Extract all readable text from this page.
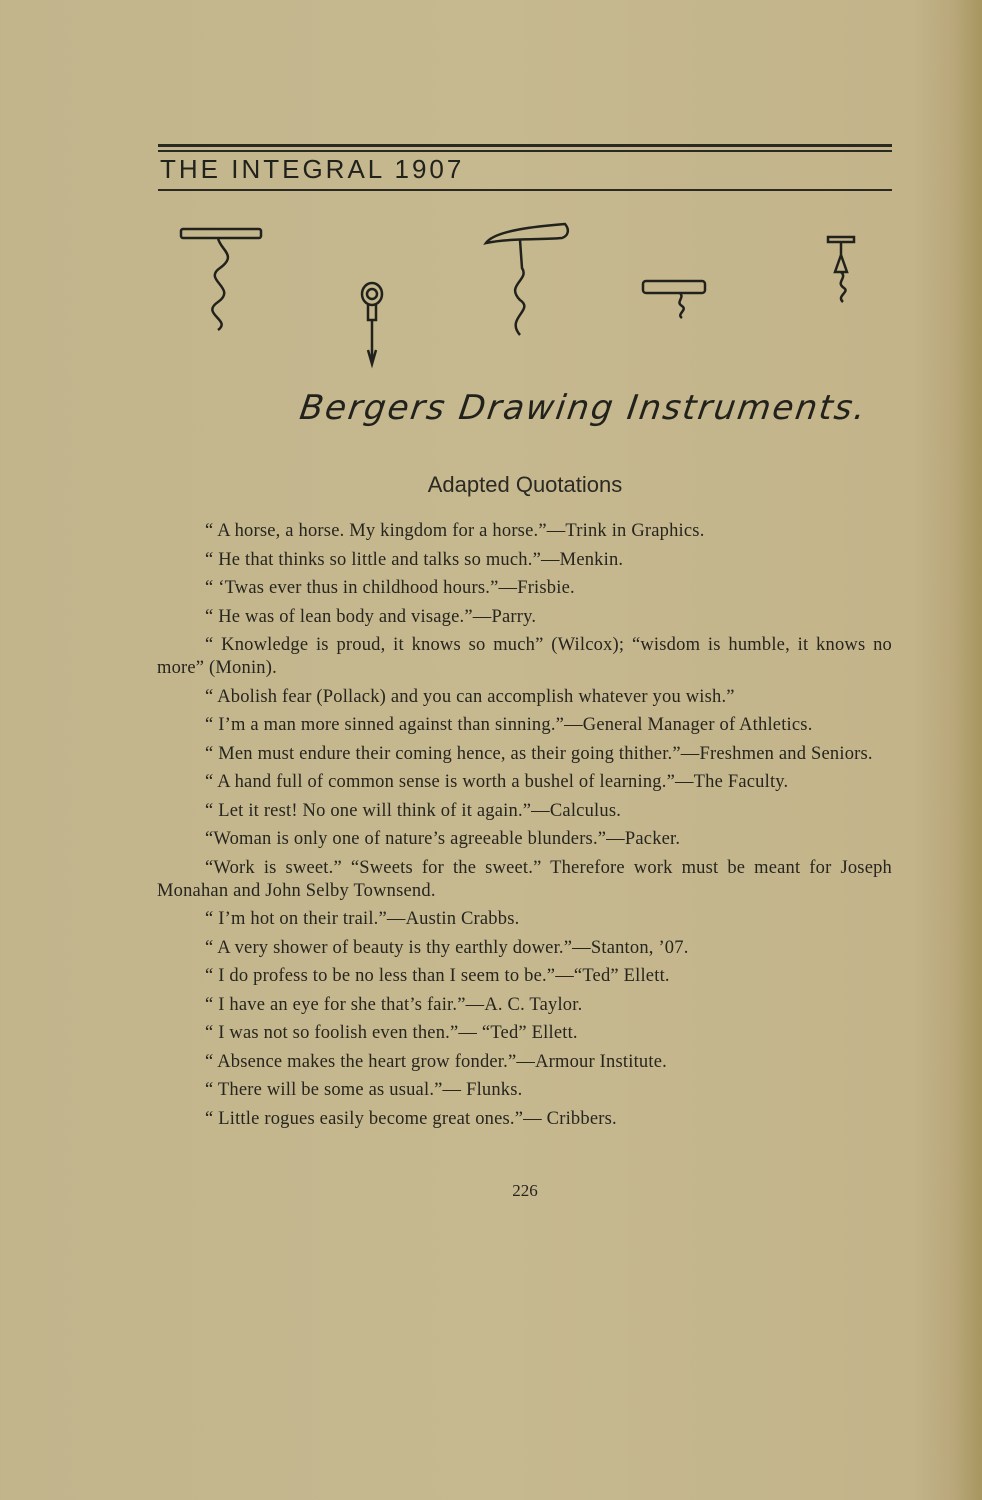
THE INTEGRAL 1907
Bergers Drawing Instruments.
Adapted Quotations

“ A horse, a horse. My kingdom for a horse.”—Trink in Graphics.

“ He that thinks so little and talks so much.”—Menkin.

“ ‘Twas ever thus in childhood hours.”—Frisbie.

“ He was of lean body and visage.”—Parry.

“ Knowledge is proud, it knows so much” (Wilcox); “wisdom is humble, it knows no more” (Monin).

“ Abolish fear (Pollack) and you can accomplish whatever you wish.”

“ I’m a man more sinned against than sinning.”—General Manager of Athletics.

“ Men must endure their coming hence, as their going thither.”—Freshmen and Seniors.

“ A hand full of common sense is worth a bushel of learning.”—The Faculty.

“ Let it rest! No one will think of it again.”—Calculus.

“Woman is only one of nature’s agreeable blunders.”—Packer.

“Work is sweet.” “Sweets for the sweet.” Therefore work must be meant for Joseph Monahan and John Selby Townsend.

“ I’m hot on their trail.”—Austin Crabbs.

“ A very shower of beauty is thy earthly dower.”—Stanton, ’07.

“ I do profess to be no less than I seem to be.”—“Ted” Ellett.

“ I have an eye for she that’s fair.”—A. C. Taylor.

“ I was not so foolish even then.”— “Ted” Ellett.

“ Absence makes the heart grow fonder.”—Armour Institute.

“ There will be some as usual.”— Flunks.

“ Little rogues easily become great ones.”— Cribbers.

226
